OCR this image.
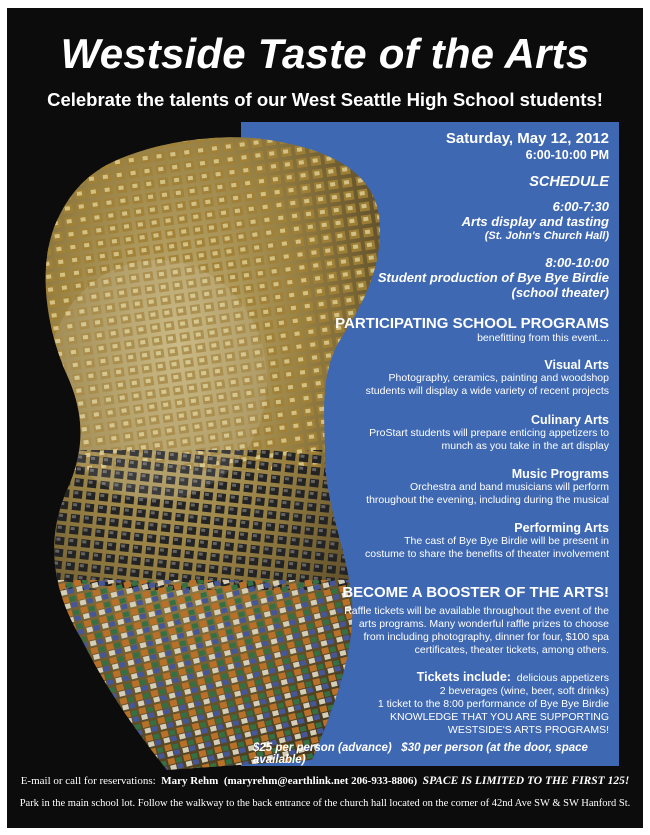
Westside Taste of the Arts
Celebrate the talents of our West Seattle High School students!
Saturday, May 12, 2012
6:00-10:00 PM
SCHEDULE
6:00-7:30
Arts display and tasting
(St. John's Church Hall)
8:00-10:00
Student production of Bye Bye Birdie
(school theater)
PARTICIPATING SCHOOL PROGRAMS
benefitting from this event....
Visual Arts
Photography, ceramics, painting and woodshop
students will display a wide variety of recent projects
Culinary Arts
ProStart students will prepare enticing appetizers to
munch as you take in the art display
Music Programs
Orchestra and band musicians will perform
throughout the evening, including during the musical
Performing Arts
The cast of Bye Bye Birdie will be present in
costume to share the benefits of theater involvement
BECOME A BOOSTER OF THE ARTS!
Raffle tickets will be available throughout the event of the
arts programs. Many wonderful raffle prizes to choose
from including photography, dinner for four, $100 spa
certificates, theater tickets, among others.
Tickets include: delicious appetizers
2 beverages (wine, beer, soft drinks)
1 ticket to the 8:00 performance of Bye Bye Birdie
KNOWLEDGE THAT YOU ARE SUPPORTING
WESTSIDE'S ARTS PROGRAMS!
$25 per person (advance) $30 per person (at the door, space available)
E-mail or call for reservations: Mary Rehm (maryrehm@earthlink.net 206-933-8806) SPACE IS LIMITED TO THE FIRST 125!
Park in the main school lot. Follow the walkway to the back entrance of the church hall located on the corner of 42nd Ave SW & SW Hanford St.
